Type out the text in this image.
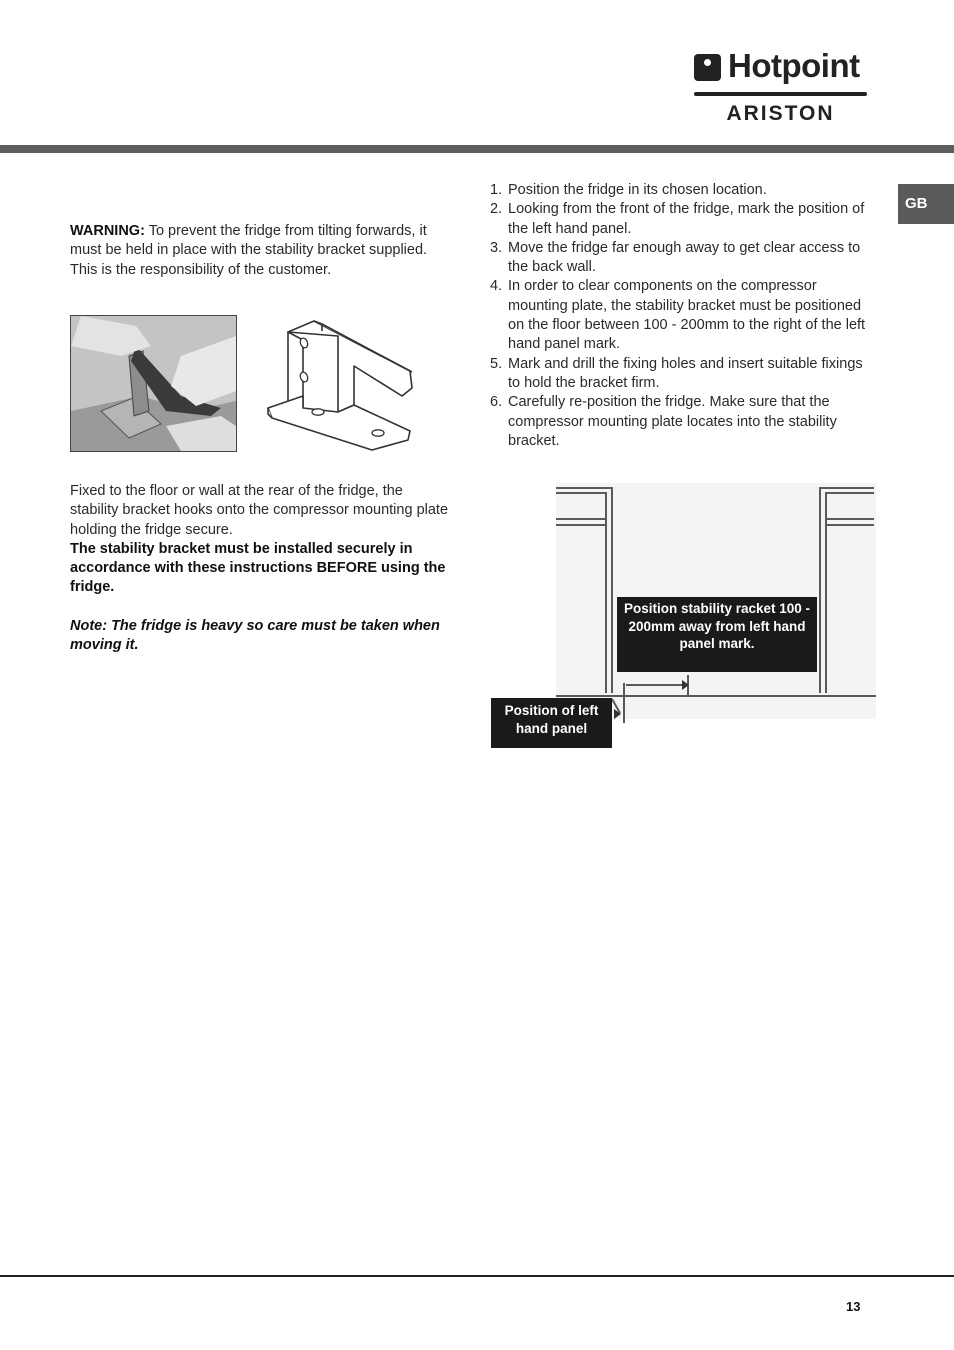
Hotpoint
ARISTON
GB

WARNING: To prevent the fridge from tilting forwards, it must be held in place with the stability bracket supplied.

This is the responsibility of the customer.

Fixed to the floor or wall at the rear of the fridge, the stability bracket hooks onto the compressor mounting plate holding the fridge secure.

The stability bracket must be installed securely in accordance with these instructions BEFORE using the fridge.

Note: The fridge is heavy so care must be taken when moving it.

1. Position the fridge in its chosen location.
2. Looking from the front of the fridge, mark the position of the left hand panel.
3. Move the fridge far enough away to get clear access to the back wall.
4. In order to clear components on the compressor mounting plate, the stability bracket must be positioned on the floor between 100 - 200mm to the right of the left hand panel mark.
5. Mark and drill the fixing holes and insert suitable fixings to hold the bracket firm.
6. Carefully re-position the fridge. Make sure that the compressor mounting plate locates into the stability bracket.
Position stability racket 100 - 200mm away from left hand panel mark.
Position of left hand panel
13
